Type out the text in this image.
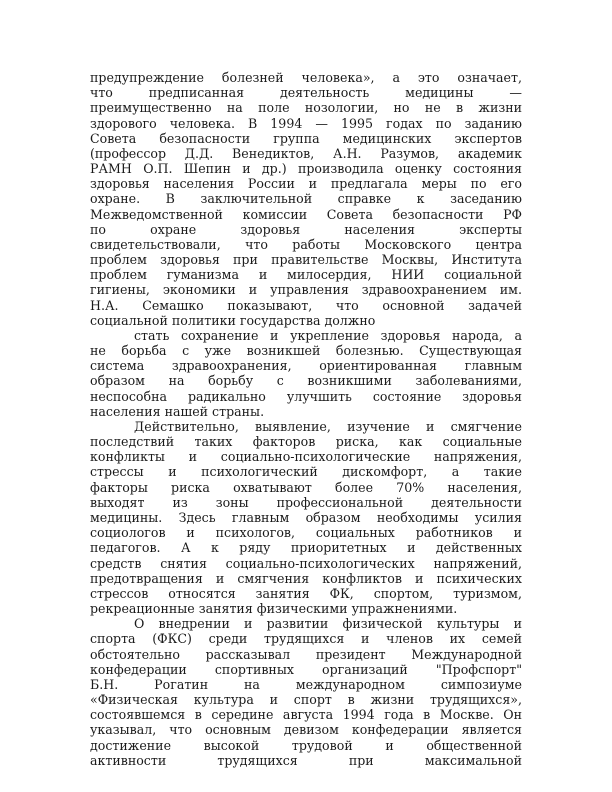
предупреждение болезней человека», а это означает,
что предписанная деятельность медицины —
преимущественно на поле нозологии, но не в жизни
здорового человека. В 1994 — 1995 годах по заданию
Совета безопасности группа медицинских экспертов
(профессор Д.Д. Венедиктов, А.Н. Разумов, академик
РАМН О.П. Шепин и др.) производила оценку состояния
здоровья населения России и предлагала меры по его
охране. В заключительной справке к заседанию
Межведомственной комиссии Совета безопасности РФ
по охране здоровья населения эксперты
свидетельствовали, что работы Московского центра
проблем здоровья при правительстве Москвы, Института
проблем гуманизма и милосердия, НИИ социальной
гигиены, экономики и управления здравоохранением им.
Н.А. Семашко показывают, что основной задачей
социальной политики государства должно
стать сохранение и укрепление здоровья народа, а
не борьба с уже возникшей болезнью. Существующая
система здравоохранения, ориентированная главным
образом на борьбу с возникшими заболеваниями,
неспособна радикально улучшить состояние здоровья
населения нашей страны.
Действительно, выявление, изучение и смягчение
последствий таких факторов риска, как социальные
конфликты и социально-психологические напряжения,
стрессы и психологический дискомфорт, а такие
факторы риска охватывают более 70% населения,
выходят из зоны профессиональной деятельности
медицины. Здесь главным образом необходимы усилия
социологов и психологов, социальных работников и
педагогов. А к ряду приоритетных и действенных
средств снятия социально-психологических напряжений,
предотвращения и смягчения конфликтов и психических
стрессов относятся занятия ФК, спортом, туризмом,
рекреационные занятия физическими упражнениями.
О внедрении и развитии физической культуры и
спорта (ФКС) среди трудящихся и членов их семей
обстоятельно рассказывал президент Международной
конфедерации спортивных организаций "Профспорт"
Б.Н. Рогатин на международном симпозиуме
«Физическая культура и спорт в жизни трудящихся»,
состоявшемся в середине августа 1994 года в Москве. Он
указывал, что основным девизом конфедерации является
достижение высокой трудовой и общественной
активности трудящихся при максимальной
